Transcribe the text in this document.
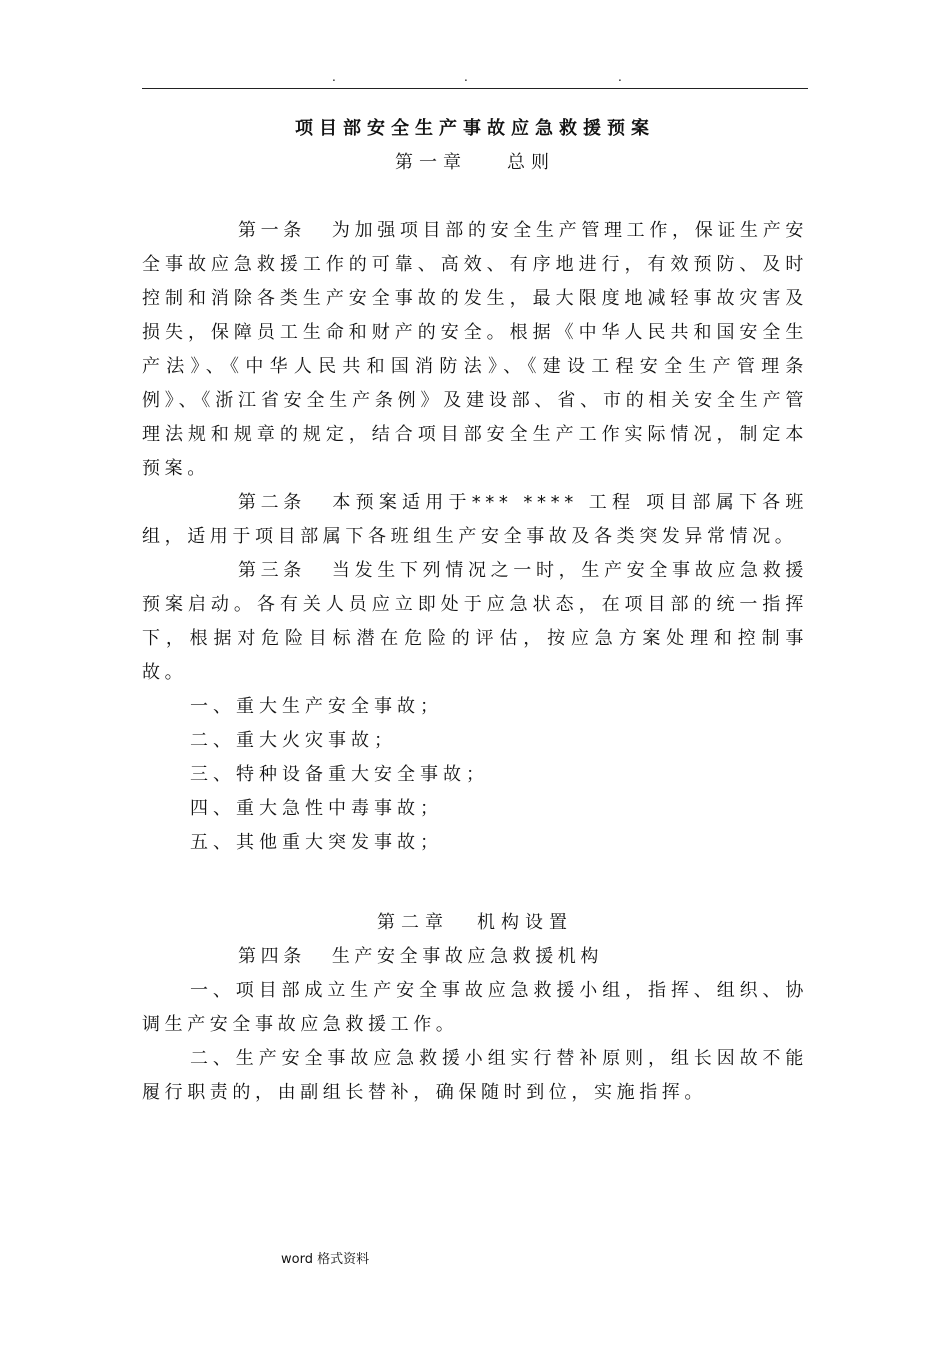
.	.	.
项目部安全生产事故应急救援预案
第一章 总则

第一条 为加强项目部的安全生产管理工作，保证生产安全事故应急救援工作的可靠、高效、有序地进行，有效预防、及时控制和消除各类生产安全事故的发生，最大限度地减轻事故灾害及损失，保障员工生命和财产的安全。根据《中华人民共和国安全生产法》、《中华人民共和国消防法》、《建设工程安全生产管理条例》、《浙江省安全生产条例》及建设部、省、市的相关安全生产管理法规和规章的规定，结合项目部安全生产工作实际情况，制定本预案。

第二条 本预案适用于*** **** 工程 项目部属下各班组，适用于项目部属下各班组生产安全事故及各类突发异常情况。

第三条 当发生下列情况之一时，生产安全事故应急救援预案启动。各有关人员应立即处于应急状态，在项目部的统一指挥下，根据对危险目标潜在危险的评估，按应急方案处理和控制事故。

一、重大生产安全事故；

二、重大火灾事故；

三、特种设备重大安全事故；

四、重大急性中毒事故；

五、其他重大突发事故；

第二章 机构设置

第四条 生产安全事故应急救援机构

一、项目部成立生产安全事故应急救援小组，指挥、组织、协调生产安全事故应急救援工作。

二、生产安全事故应急救援小组实行替补原则，组长因故不能履行职责的，由副组长替补，确保随时到位，实施指挥。

word 格式资料
